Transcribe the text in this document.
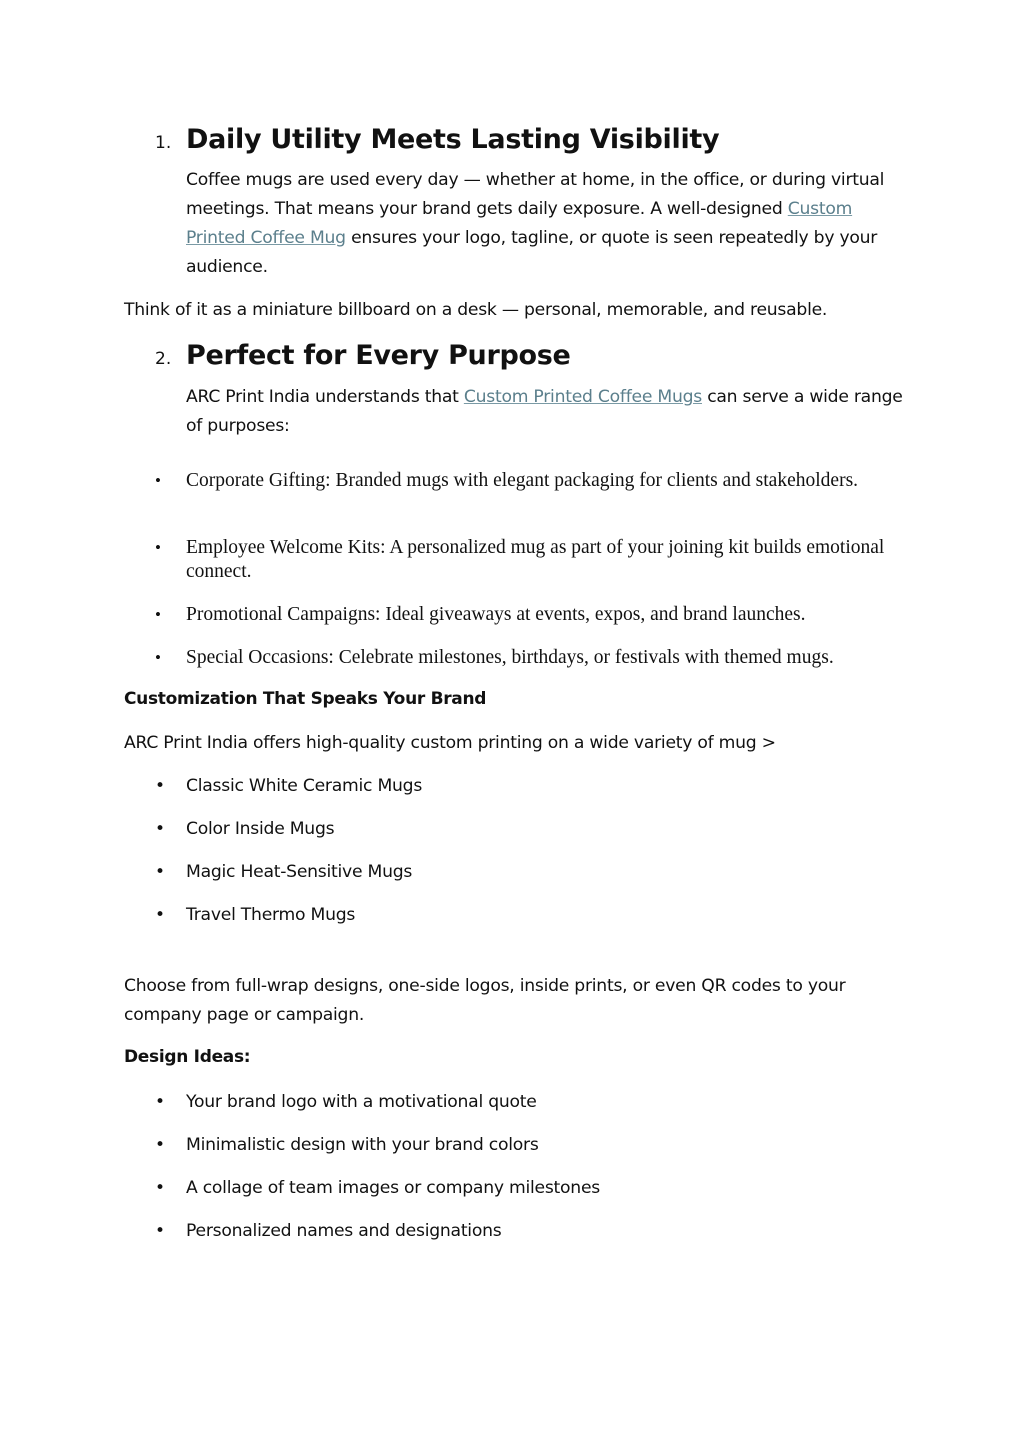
1. Daily Utility Meets Lasting Visibility

Coffee mugs are used every day — whether at home, in the office, or during virtual meetings. That means your brand gets daily exposure. A well-designed Custom Printed Coffee Mug ensures your logo, tagline, or quote is seen repeatedly by your audience.

Think of it as a miniature billboard on a desk — personal, memorable, and reusable.

2. Perfect for Every Purpose

ARC Print India understands that Custom Printed Coffee Mugs can serve a wide range of purposes:

• Corporate Gifting: Branded mugs with elegant packaging for clients and stakeholders.
• Employee Welcome Kits: A personalized mug as part of your joining kit builds emotional connect.
• Promotional Campaigns: Ideal giveaways at events, expos, and brand launches.
• Special Occasions: Celebrate milestones, birthdays, or festivals with themed mugs.

Customization That Speaks Your Brand

ARC Print India offers high-quality custom printing on a wide variety of mug >

• Classic White Ceramic Mugs
• Color Inside Mugs
• Magic Heat-Sensitive Mugs
• Travel Thermo Mugs

Choose from full-wrap designs, one-side logos, inside prints, or even QR codes to your company page or campaign.

Design Ideas:

• Your brand logo with a motivational quote
• Minimalistic design with your brand colors
• A collage of team images or company milestones
• Personalized names and designations
